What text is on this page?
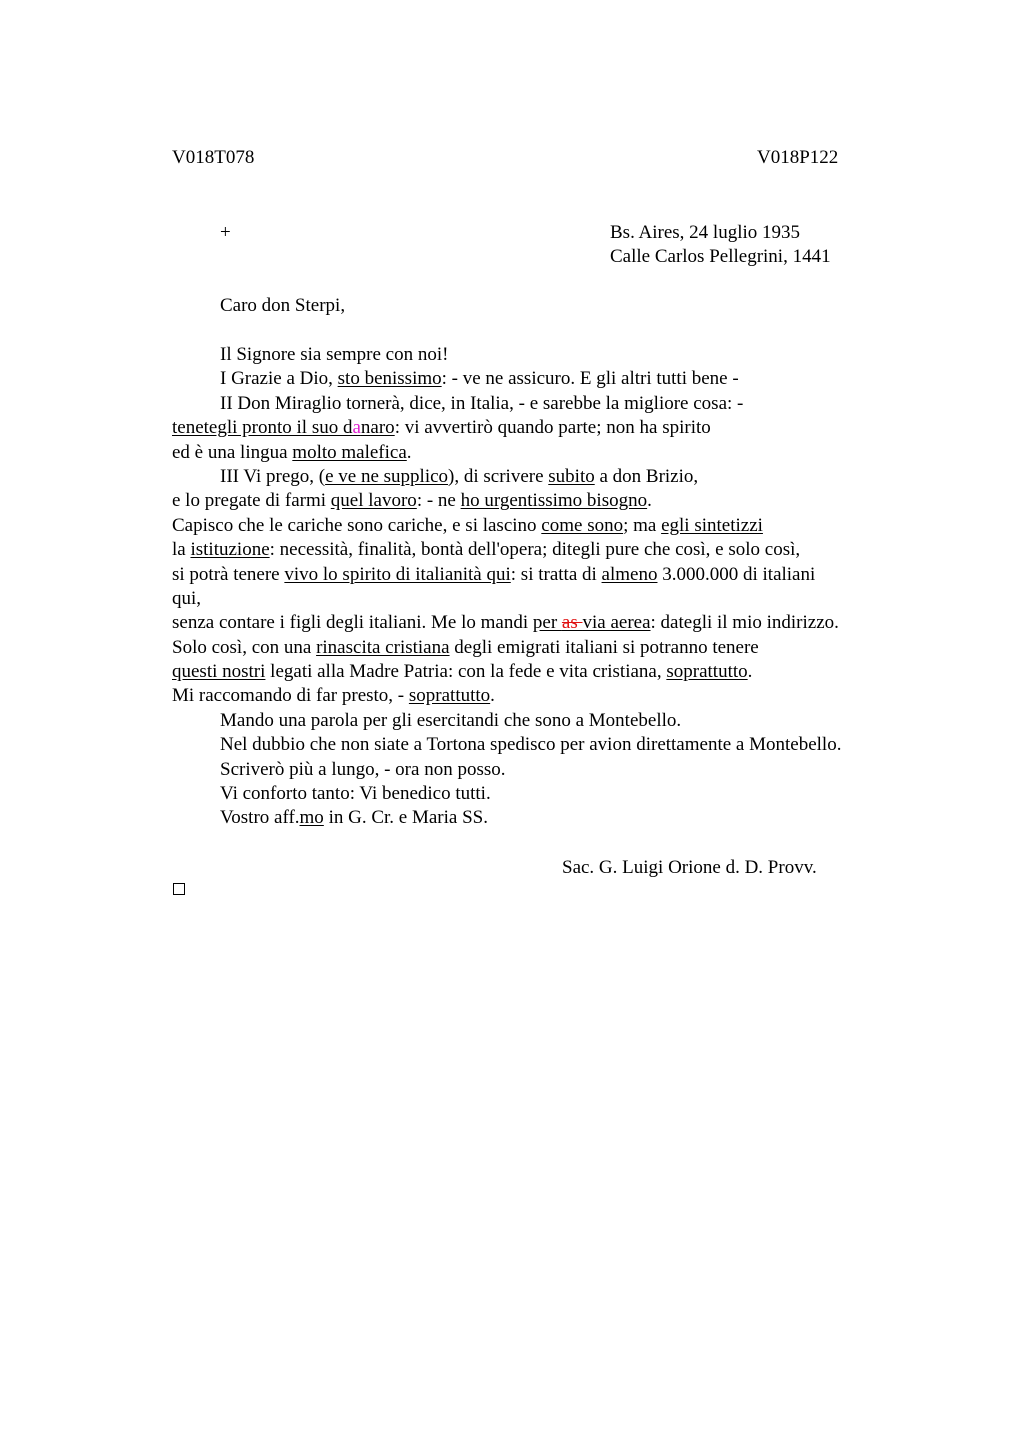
V018T078	V018P122
+	Bs. Aires, 24 luglio 1935
Calle Carlos Pellegrini, 1441
Caro don Sterpi,
Il Signore sia sempre con noi!
I Grazie a Dio, sto benissimo: - ve ne assicuro. E gli altri tutti bene -
II Don Miraglio tornerà, dice, in Italia, - e sarebbe la migliore cosa: -
tenetegli pronto il suo danaro: vi avvertirò quando parte; non ha spirito
ed è una lingua molto malefica.
III Vi prego, (e ve ne supplico), di scrivere subito a don Brizio,
e lo pregate di farmi quel lavoro: - ne ho urgentissimo bisogno.
Capisco che le cariche sono cariche, e si lascino come sono; ma egli sintetizzi
la istituzione: necessità, finalità, bontà dell'opera; ditegli pure che così, e solo così,
si potrà tenere vivo lo spirito di italianità qui: si tratta di almeno 3.000.000 di italiani
qui,
senza contare i figli degli italiani. Me lo mandi per as via aerea: dategli il mio indirizzo.
Solo così, con una rinascita cristiana degli emigrati italiani si potranno tenere
questi nostri legati alla Madre Patria: con la fede e vita cristiana, soprattutto.
Mi raccomando di far presto, - soprattutto.
Mando una parola per gli esercitandi che sono a Montebello.
Nel dubbio che non siate a Tortona spedisco per avion direttamente a Montebello.
Scriverò più a lungo, - ora non posso.
Vi conforto tanto: Vi benedico tutti.
Vostro aff.mo in G. Cr. e Maria SS.
Sac. G. Luigi Orione d. D. Provv.
